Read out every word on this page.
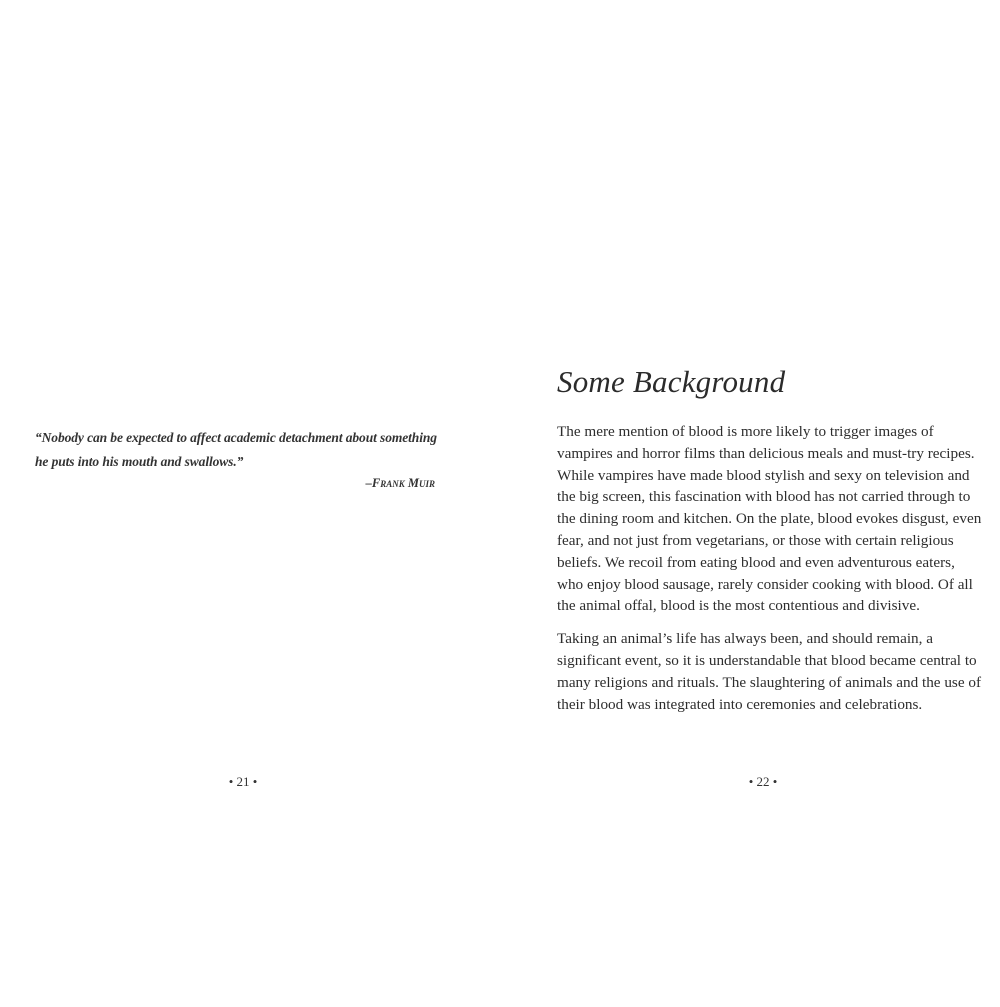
“Nobody can be expected to affect academic detachment about something he puts into his mouth and swallows.”

–Frank Muir

• 21 •
Some Background

The mere mention of blood is more likely to trigger images of vampires and horror films than delicious meals and must-try recipes. While vampires have made blood stylish and sexy on television and the big screen, this fascination with blood has not carried through to the dining room and kitchen. On the plate, blood evokes disgust, even fear, and not just from vegetarians, or those with certain religious beliefs. We recoil from eating blood and even adventurous eaters, who enjoy blood sausage, rarely consider cooking with blood. Of all the animal offal, blood is the most contentious and divisive.

Taking an animal’s life has always been, and should remain, a significant event, so it is understandable that blood became central to many religions and rituals. The slaughtering of animals and the use of their blood was integrated into ceremonies and celebrations.

• 22 •
